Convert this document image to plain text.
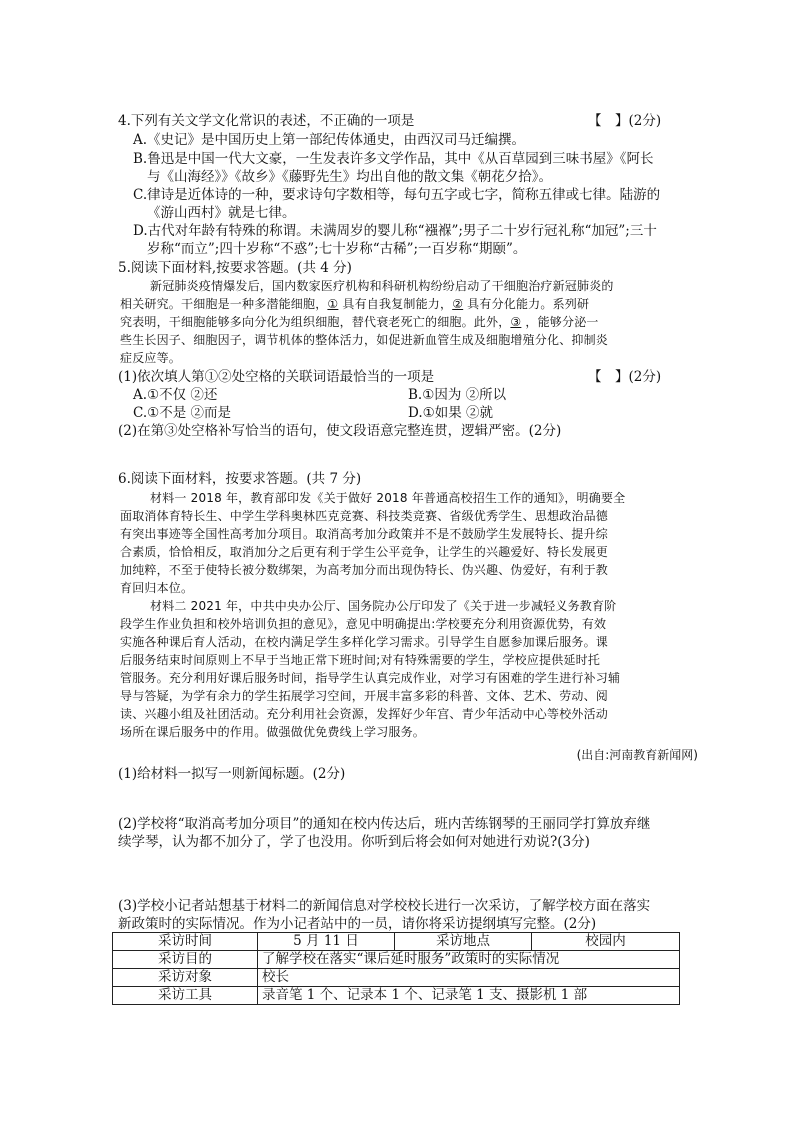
4.下列有关文学文化常识的表述，不正确的一项是	【　】(2分)
A.《史记》是中国历史上第一部纪传体通史，由西汉司马迁编撰。
B.鲁迅是中国一代大文豪，一生发表许多文学作品，其中《从百草园到三味书屋》《阿长
与《山海经》》《故乡》《藤野先生》均出自他的散文集《朝花夕拾》。
C.律诗是近体诗的一种，要求诗句字数相等，每句五字或七字，简称五律或七律。陆游的
《游山西村》就是七律。
D.古代对年龄有特殊的称谓。未满周岁的婴儿称“襁褓”;男子二十岁行冠礼称“加冠”;三十
岁称“而立”;四十岁称“不惑”;七十岁称“古稀”;一百岁称“期颐”。
5.阅读下面材料,按要求答题。(共 4 分)
新冠肺炎疫情爆发后，国内数家医疗机构和科研机构纷纷启动了干细胞治疗新冠肺炎的
相关研究。干细胞是一种多潜能细胞，① 具有自我复制能力，② 具有分化能力。系列研
究表明，干细胞能够多向分化为组织细胞，替代衰老死亡的细胞。此外，③ ，能够分泌一
些生长因子、细胞因子，调节机体的整体活力，如促进新血管生成及细胞增殖分化、抑制炎
症反应等。
(1)依次填人第①②处空格的关联词语最恰当的一项是	【　】(2分)
A.①不仅 ②还	B.①因为 ②所以
C.①不是 ②而是	D.①如果 ②就
(2)在第③处空格补写恰当的语句，使文段语意完整连贯，逻辑严密。(2分)
6.阅读下面材料，按要求答题。(共 7 分)
材料一 2018 年，教育部印发《关于做好 2018 年普通高校招生工作的通知》，明确要全
面取消体育特长生、中学生学科奥林匹克竞赛、科技类竞赛、省级优秀学生、思想政治品德
有突出事迹等全国性高考加分项目。取消高考加分政策并不是不鼓励学生发展特长、提升综
合素质，恰恰相反，取消加分之后更有利于学生公平竞争，让学生的兴趣爱好、特长发展更
加纯粹，不至于使特长被分数绑架，为高考加分而出现伪特长、伪兴趣、伪爱好，有利于教
育回归本位。
材料二 2021 年，中共中央办公厅、国务院办公厅印发了《关于进一步减轻义务教育阶
段学生作业负担和校外培训负担的意见》，意见中明确提出:学校要充分利用资源优势，有效
实施各种课后育人活动，在校内满足学生多样化学习需求。引导学生自愿参加课后服务。课
后服务结束时间原则上不早于当地正常下班时间;对有特殊需要的学生，学校应提供延时托
管服务。充分利用好课后服务时间，指导学生认真完成作业，对学习有困难的学生进行补习辅
导与答疑，为学有余力的学生拓展学习空间，开展丰富多彩的科普、文体、艺术、劳动、阅
读、兴趣小组及社团活动。充分利用社会资源，发挥好少年宫、青少年活动中心等校外活动
场所在课后服务中的作用。做强做优免费线上学习服务。
(出自:河南教育新闻网)
(1)给材料一拟写一则新闻标题。(2分)
(2)学校将“取消高考加分项目”的通知在校内传达后，班内苦练钢琴的王丽同学打算放弃继
续学琴，认为都不加分了，学了也没用。你听到后将会如何对她进行劝说?(3分)
(3)学校小记者站想基于材料二的新闻信息对学校校长进行一次采访，了解学校方面在落实
新政策时的实际情况。作为小记者站中的一员，请你将采访提纲填写完整。(2分)
采访时间	5 月 11 日	采访地点	校园内
采访目的	了解学校在落实“课后延时服务”政策时的实际情况		
采访对象	校长		
采访工具	录音笔 1 个、记录本 1 个、记录笔 1 支、摄影机 1 部		
